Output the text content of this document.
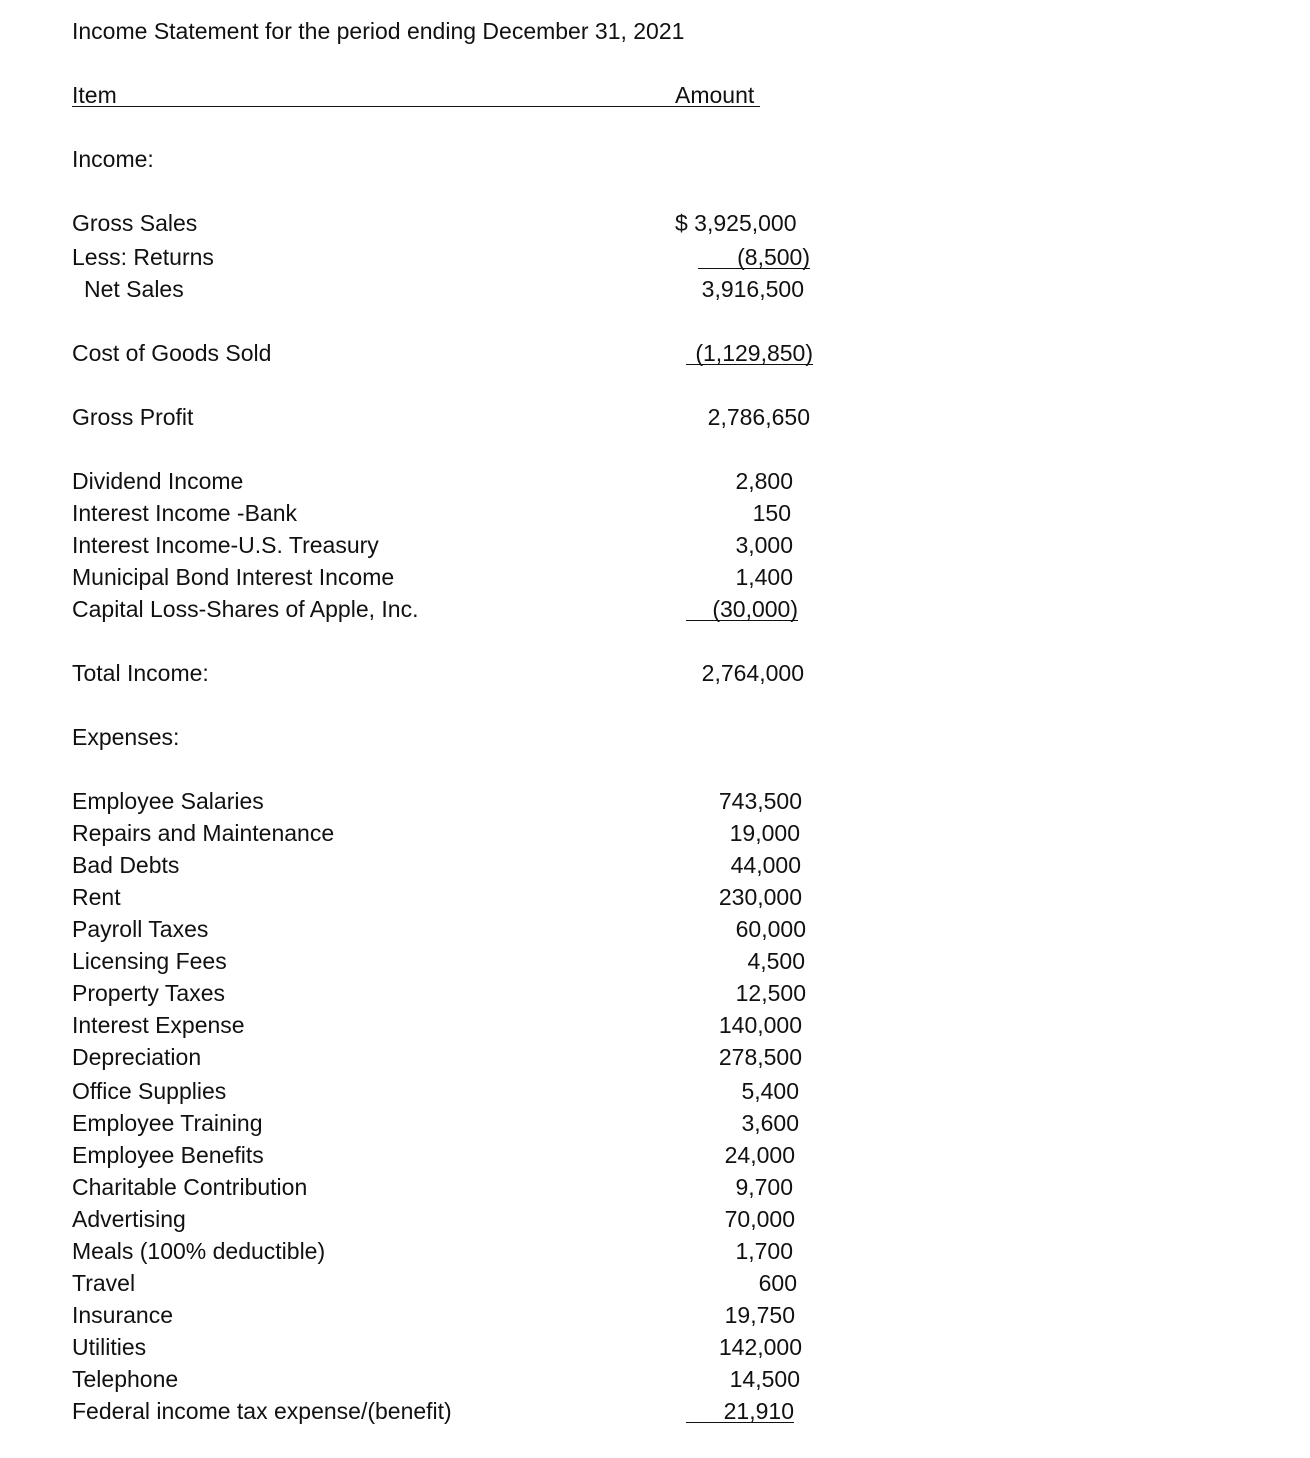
Income Statement for the period ending December 31, 2021
Item	Amount
Income:
Gross Sales	$ 3,925,000
Less: Returns	(8,500)
Net Sales	3,916,500
Cost of Goods Sold	(1,129,850)
Gross Profit	2,786,650
Dividend Income	2,800
Interest Income -Bank	150
Interest Income-U.S. Treasury	3,000
Municipal Bond Interest Income	1,400
Capital Loss-Shares of Apple, Inc.	(30,000)
Total Income:	2,764,000
Expenses:
Employee Salaries	743,500
Repairs and Maintenance	19,000
Bad Debts	44,000
Rent	230,000
Payroll Taxes	60,000
Licensing Fees	4,500
Property Taxes	12,500
Interest Expense	140,000
Depreciation	278,500
Office Supplies	5,400
Employee Training	3,600
Employee Benefits	24,000
Charitable Contribution	9,700
Advertising	70,000
Meals (100% deductible)	1,700
Travel	600
Insurance	19,750
Utilities	142,000
Telephone	14,500
Federal income tax expense/(benefit)	21,910
